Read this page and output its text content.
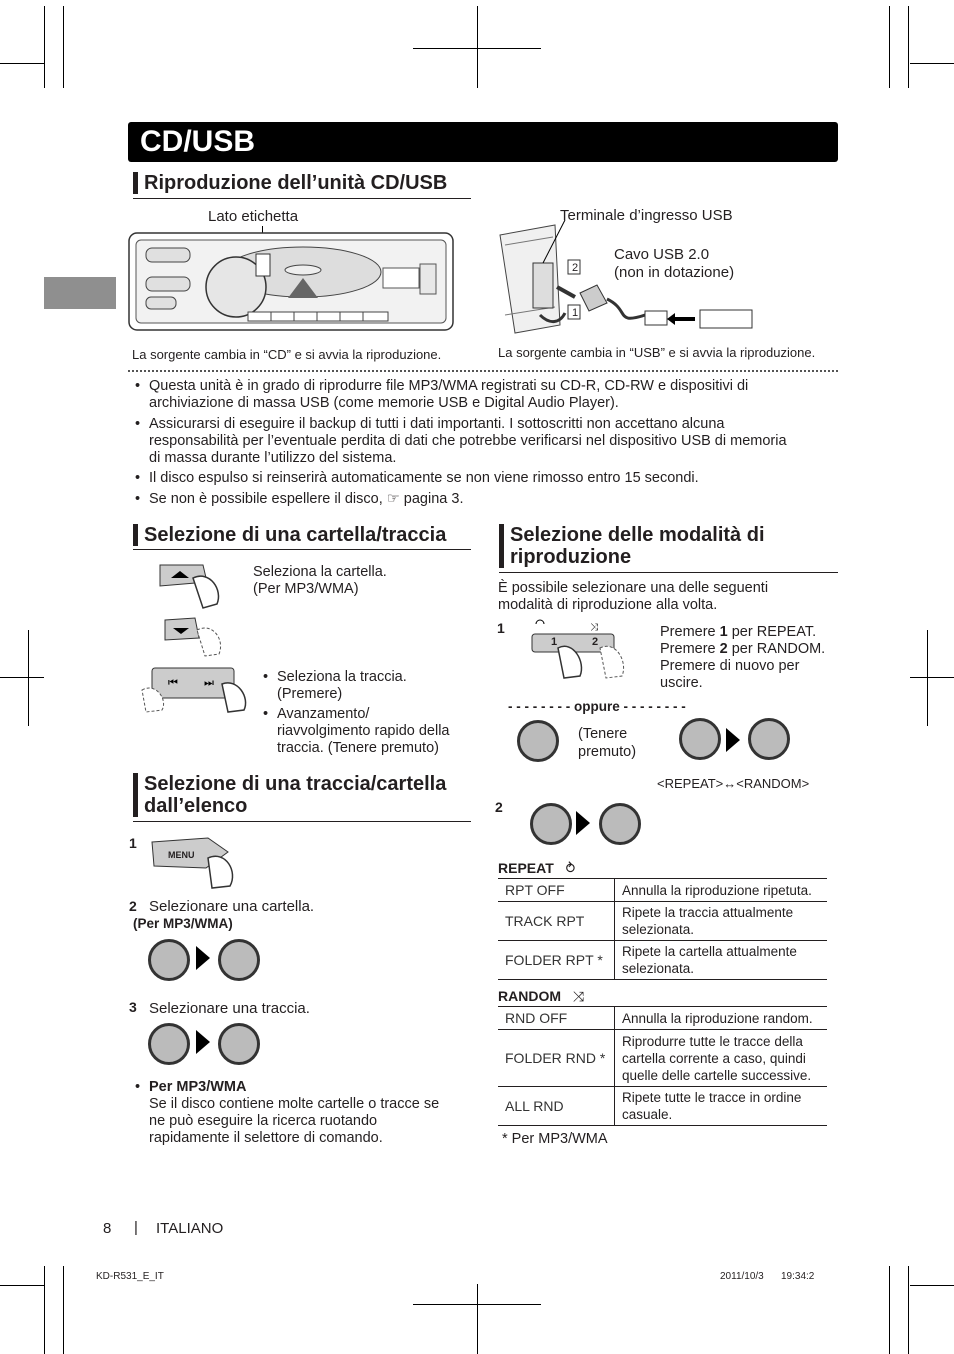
CD/USB
Riproduzione dell’unità CD/USB
Lato etichetta
La sorgente cambia in “CD” e si avvia la riproduzione.
Terminale d’ingresso USB
Cavo USB 2.0
(non in dotazione)
2
1
La sorgente cambia in “USB” e si avvia la riproduzione.
• Questa unità è in grado di riprodurre file MP3/WMA registrati su CD-R, CD-RW e dispositivi di
archiviazione di massa USB (come memorie USB e Digital Audio Player).
• Assicurarsi di eseguire il backup di tutti i dati importanti. I sottoscritti non accettano alcuna
responsabilità per l’eventuale perdita di dati che potrebbe verificarsi nel dispositivo USB di memoria
di massa durante l’utilizzo del sistema.
• Il disco espulso si reinserirà automaticamente se non viene rimosso entro 15 secondi.
• Se non è possibile espellere il disco, ☞ pagina 3.
Selezione di una cartella/traccia
Seleziona la cartella.
(Per MP3/WMA)
⏮ ⏭	• Seleziona la traccia.
(Premere)
• Avanzamento/
riavvolgimento rapido della
traccia. (Tenere premuto)
Selezione di una traccia/cartella
dall’elenco
1
MENU
2 Selezionare una cartella.
(Per MP3/WMA)
3 Selezionare una traccia.
• Per MP3/WMA
Se il disco contiene molte cartelle o tracce se
ne può eseguire la ricerca ruotando
rapidamente il selettore di comando.
Selezione delle modalità di
riproduzione
È possibile selezionare una delle seguenti
modalità di riproduzione alla volta.
1	⤨
1	2
Premere 1 per REPEAT.
Premere 2 per RANDOM.
Premere di nuovo per
uscire.
- - - - - - - - oppure - - - - - - - -
(Tenere
premuto)
<REPEAT>↔<RANDOM>
2
REPEAT ⥁
RPT OFF	Annulla la riproduzione ripetuta.
TRACK RPT	Ripete la traccia attualmente selezionata.
FOLDER RPT *	Ripete la cartella attualmente selezionata.
RANDOM ⤨
RND OFF	Annulla la riproduzione random.
FOLDER RND *	Riprodurre tutte le tracce della cartella corrente a caso, quindi quelle delle cartelle successive.
ALL RND	Ripete tutte le tracce in ordine casuale.
* Per MP3/WMA
8 | ITALIANO
KD-R531_E_IT	2011/10/3 19:34:2
